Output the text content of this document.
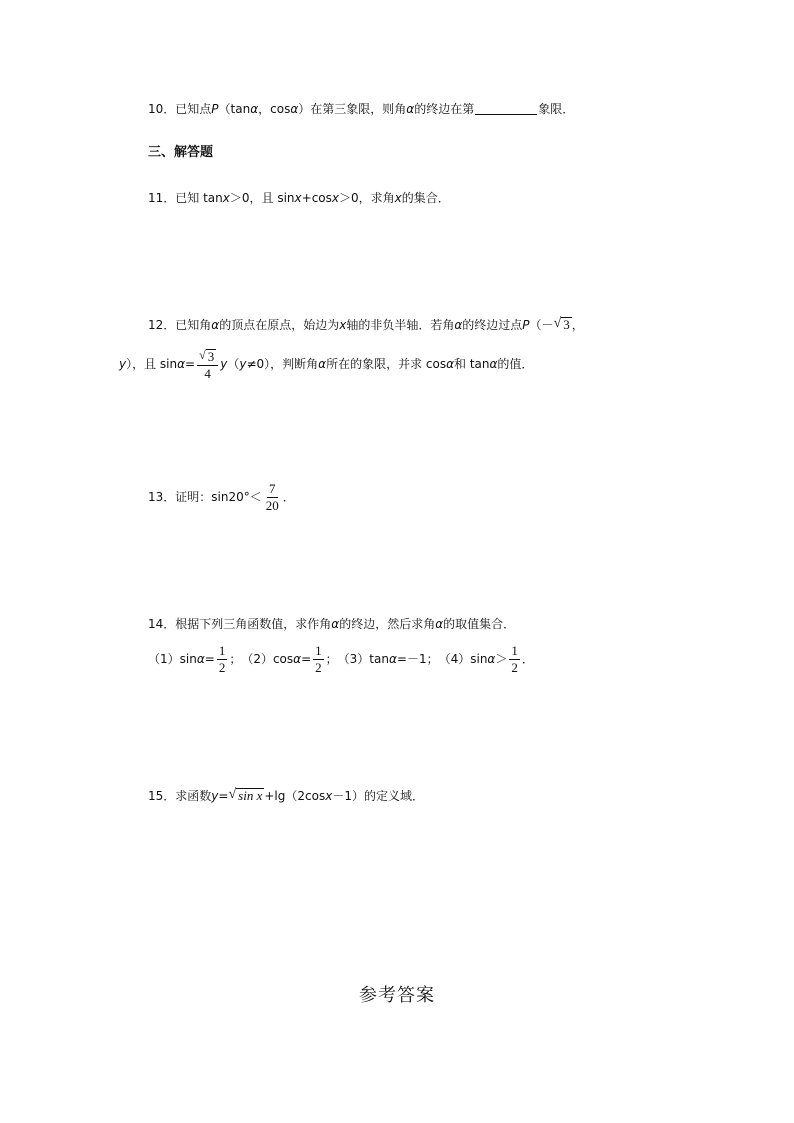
10． 已知点 P （tan α ，cos α ）在第三象限，则角 α 的终边在第	象限．
三、解答题
11． 已知 tan x ＞0，且 sin x +cos x ＞0，求角 x 的集合．
12． 已知角 α 的顶点在原点，始边为 x 轴的非负半轴．若角 α 的终边过点 P （－ √ 3 ，
y ），且 $\sin \alpha = \frac{√ 3}{4}$ y （ y ≠0），判断角 α 所在的象限，并求 cos α 和 tan α 的值．
13． 证明：$\sin 20^\circ< \frac{7}{20}$ ．
14． 根据下列三角函数值，求作角 α 的终边，然后求角 α 的取值集合．
（1）sin $\alpha = \frac{1}{2}$ ； （2）cos $\alpha = \frac{1}{2}$ ； （3）tan α =－1； （4）sin $\alpha > \frac{1}{2}$ ．
15． 求函数 y = √ sin x +lg（2cos x －1）的定义域．
参考答案
